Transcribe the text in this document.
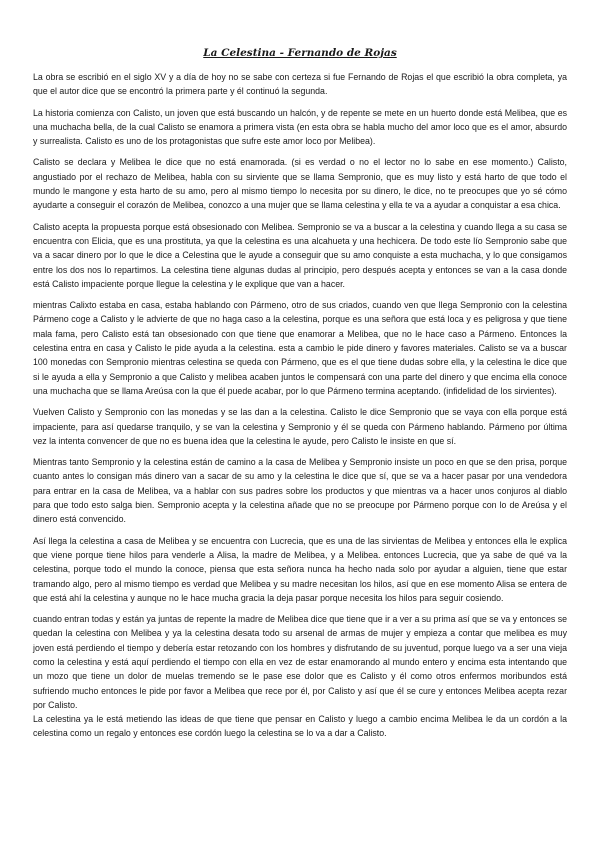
La Celestina - Fernando de Rojas

La obra se escribió en el siglo XV y a día de hoy no se sabe con certeza si fue Fernando de Rojas el que escribió la obra completa, ya que el autor dice que se encontró la primera parte y él continuó la segunda.

La historia comienza con Calisto, un joven que está buscando un halcón, y de repente se mete en un huerto donde está Melibea, que es una muchacha bella, de la cual Calisto se enamora a primera vista (en esta obra se habla mucho del amor loco que es el amor, absurdo y surrealista. Calisto es uno de los protagonistas que sufre este amor loco por Melibea).

Calisto se declara y Melibea le dice que no está enamorada. (si es verdad o no el lector no lo sabe en ese momento.) Calisto, angustiado por el rechazo de Melibea, habla con su sirviente que se llama Sempronio, que es muy listo y está harto de que todo el mundo le mangone y esta harto de su amo, pero al mismo tiempo lo necesita por su dinero, le dice, no te preocupes que yo sé cómo ayudarte a conseguir el corazón de Melibea, conozco a una mujer que se llama celestina y ella te va a ayudar a conquistar a esa chica.

Calisto acepta la propuesta porque está obsesionado con Melibea. Sempronio se va a buscar a la celestina y cuando llega a su casa se encuentra con Elicia, que es una prostituta, ya que la celestina es una alcahueta y una hechicera. De todo este lío Sempronio sabe que va a sacar dinero por lo que le dice a Celestina que le ayude a conseguir que su amo conquiste a esta muchacha, y lo que consigamos entre los dos nos lo repartimos. La celestina tiene algunas dudas al principio, pero después acepta y entonces se van a la casa donde está Calisto impaciente porque llegue la celestina y le explique que van a hacer.

mientras Calixto estaba en casa, estaba hablando con Pármeno, otro de sus criados, cuando ven que llega Sempronio con la celestina Pármeno coge a Calisto y le advierte de que no haga caso a la celestina, porque es una señora que está loca y es peligrosa y que tiene mala fama, pero Calisto está tan obsesionado con que tiene que enamorar a Melibea, que no le hace caso a Pármeno. Entonces la celestina entra en casa y Calisto le pide ayuda a la celestina. esta a cambio le pide dinero y favores materiales. Calisto se va a buscar 100 monedas con Sempronio mientras celestina se queda con Pármeno, que es el que tiene dudas sobre ella, y la celestina le dice que si le ayuda a ella y Sempronio a que Calisto y melibea acaben juntos le compensará con una parte del dinero y que encima ella conoce una muchacha que se llama Areúsa con la que él puede acabar, por lo que Pármeno termina aceptando. (infidelidad de los sirvientes).

Vuelven Calisto y Sempronio con las monedas y se las dan a la celestina. Calisto le dice Sempronio que se vaya con ella porque está impaciente, para así quedarse tranquilo, y se van la celestina y Sempronio y él se queda con Pármeno hablando. Pármeno por última vez la intenta convencer de que no es buena idea que la celestina le ayude, pero Calisto le insiste en que sí.

Mientras tanto Sempronio y la celestina están de camino a la casa de Melibea y Sempronio insiste un poco en que se den prisa, porque cuanto antes lo consigan más dinero van a sacar de su amo y la celestina le dice que sí, que se va a hacer pasar por una vendedora para entrar en la casa de Melibea, va a hablar con sus padres sobre los productos y que mientras va a hacer unos conjuros al diablo para que todo esto salga bien. Sempronio acepta y la celestina añade que no se preocupe por Pármeno porque con lo de Areúsa y el dinero está convencido.

Así llega la celestina a casa de Melibea y se encuentra con Lucrecia, que es una de las sirvientas de Melibea y entonces ella le explica que viene porque tiene hilos para venderle a Alisa, la madre de Melibea, y a Melibea. entonces Lucrecia, que ya sabe de qué va la celestina, porque todo el mundo la conoce, piensa que esta señora nunca ha hecho nada solo por ayudar a alguien, tiene que estar tramando algo, pero al mismo tiempo es verdad que Melibea y su madre necesitan los hilos, así que en ese momento Alisa se entera de que está ahí la celestina y aunque no le hace mucha gracia la deja pasar porque necesita los hilos para seguir cosiendo.

cuando entran todas y están ya juntas de repente la madre de Melibea dice que tiene que ir a ver a su prima así que se va y entonces se quedan la celestina con Melibea y ya la celestina desata todo su arsenal de armas de mujer y empieza a contar que melibea es muy joven está perdiendo el tiempo y debería estar retozando con los hombres y disfrutando de su juventud, porque luego va a ser una vieja como la celestina y está aquí perdiendo el tiempo con ella en vez de estar enamorando al mundo entero y encima esta intentando que un mozo que tiene un dolor de muelas tremendo se le pase ese dolor que es Calisto y él como otros enfermos moribundos está sufriendo mucho entonces le pide por favor a Melibea que rece por él, por Calisto y así que él se cure y entonces Melibea acepta rezar por Calisto.

La celestina ya le está metiendo las ideas de que tiene que pensar en Calisto y luego a cambio encima Melibea le da un cordón a la celestina como un regalo y entonces ese cordón luego la celestina se lo va a dar a Calisto.
